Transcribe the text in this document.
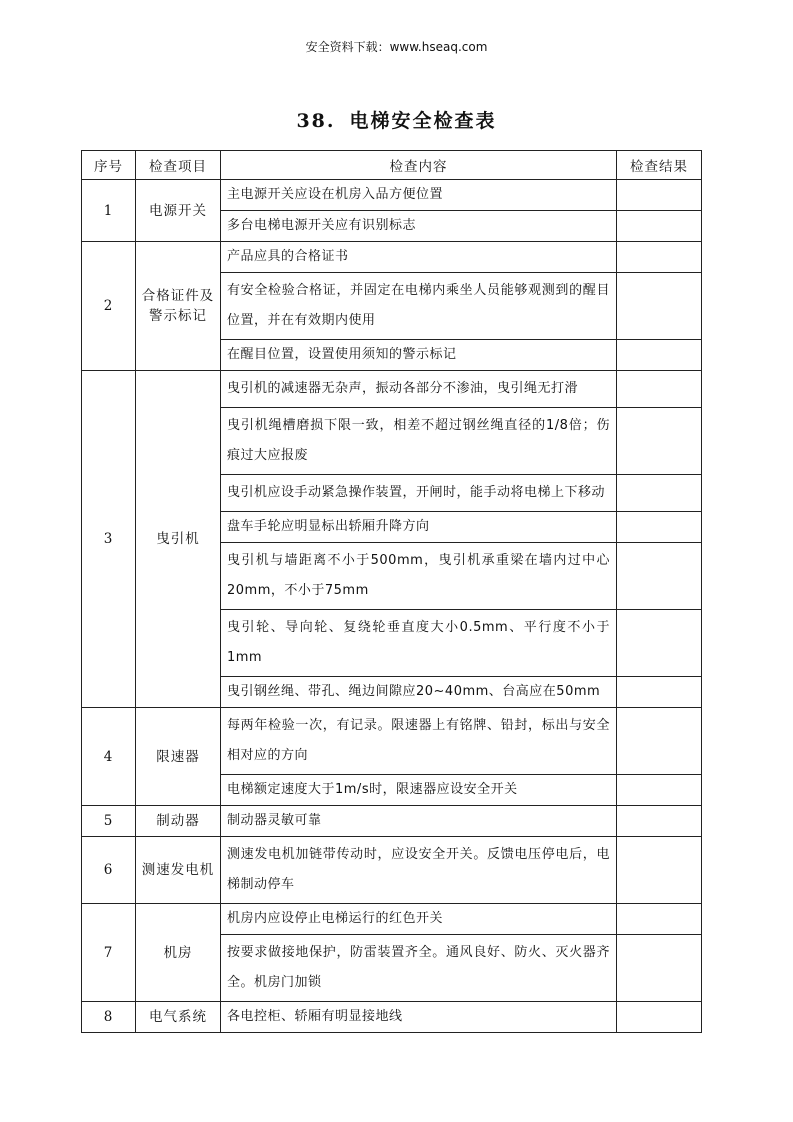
安全资料下载：www.hseaq.com
38. 电梯安全检查表
序号	检查项目	检查内容	检查结果
1	电源开关	主电源开关应设在机房入品方便位置	
		多台电梯电源开关应有识别标志	
2	合格证件及警示标记	产品应具的合格证书	
		有安全检验合格证，并固定在电梯内乘坐人员能够观测到的醒目位置，并在有效期内使用	
		在醒目位置，设置使用须知的警示标记	
3	曳引机	曳引机的减速器无杂声，振动各部分不渗油，曳引绳无打滑	
		曳引机绳槽磨损下限一致，相差不超过钢丝绳直径的1/8倍；伤痕过大应报废	
		曳引机应设手动紧急操作装置，开闸时，能手动将电梯上下移动	
		盘车手轮应明显标出轿厢升降方向	
		曳引机与墙距离不小于500mm，曳引机承重梁在墙内过中心20mm，不小于75mm	
		曳引轮、导向轮、复绕轮垂直度大小0.5mm、平行度不小于1mm	
		曳引钢丝绳、带孔、绳边间隙应20~40mm、台高应在50mm	
4	限速器	每两年检验一次，有记录。限速器上有铭牌、铅封，标出与安全相对应的方向	
		电梯额定速度大于1m/s时，限速器应设安全开关	
5	制动器	制动器灵敏可靠	
6	测速发电机	测速发电机加链带传动时，应设安全开关。反馈电压停电后，电梯制动停车	
7	机房	机房内应设停止电梯运行的红色开关	
		按要求做接地保护，防雷装置齐全。通风良好、防火、灭火器齐全。机房门加锁	
8	电气系统	各电控柜、轿厢有明显接地线	
